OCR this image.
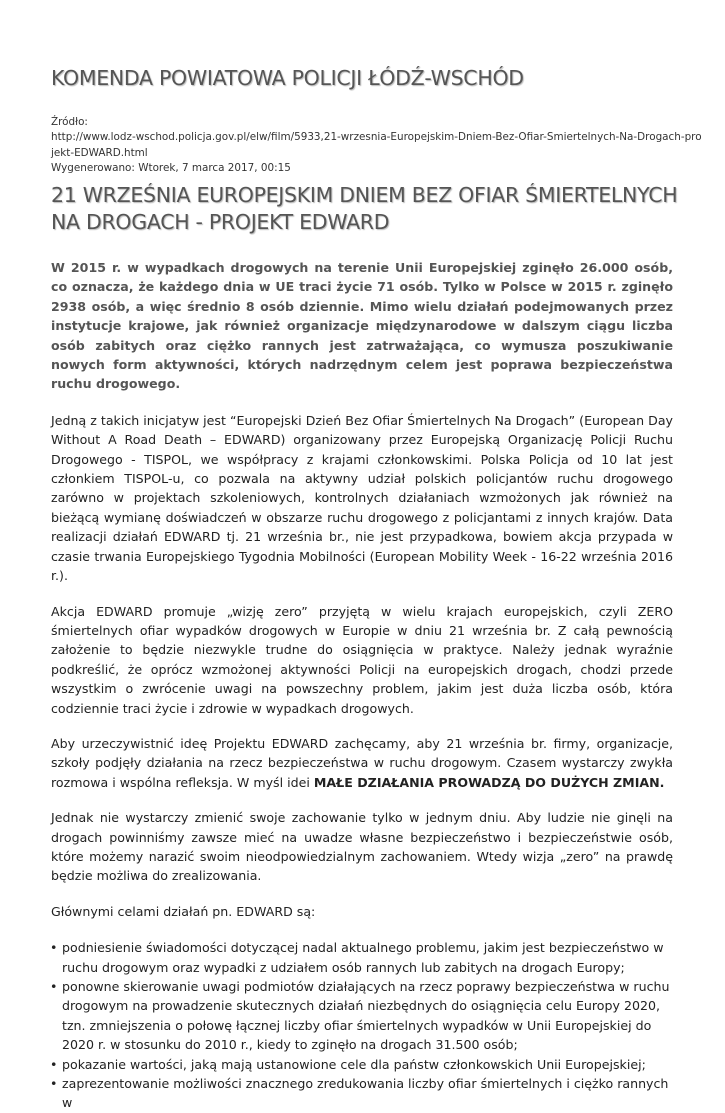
KOMENDA POWIATOWA POLICJI ŁÓDŹ-WSCHÓD
Źródło:
http://www.lodz-wschod.policja.gov.pl/elw/film/5933,21-wrzesnia-Europejskim-Dniem-Bez-Ofiar-Smiertelnych-Na-Drogach-pro
jekt-EDWARD.html
Wygenerowano: Wtorek, 7 marca 2017, 00:15
21 WRZEŚNIA EUROPEJSKIM DNIEM BEZ OFIAR ŚMIERTELNYCH NA DROGACH - PROJEKT EDWARD

W 2015 r. w wypadkach drogowych na terenie Unii Europejskiej zginęło 26.000 osób, co oznacza, że każdego dnia w UE traci życie 71 osób. Tylko w Polsce w 2015 r. zginęło 2938 osób, a więc średnio 8 osób dziennie. Mimo wielu działań podejmowanych przez instytucje krajowe, jak również organizacje międzynarodowe w dalszym ciągu liczba osób zabitych oraz ciężko rannych jest zatrważająca, co wymusza poszukiwanie nowych form aktywności, których nadrzędnym celem jest poprawa bezpieczeństwa ruchu drogowego.

Jedną z takich inicjatyw jest “Europejski Dzień Bez Ofiar Śmiertelnych Na Drogach” (European Day Without A Road Death – EDWARD) organizowany przez Europejską Organizację Policji Ruchu Drogowego - TISPOL, we współpracy z krajami członkowskimi. Polska Policja od 10 lat jest członkiem TISPOL-u, co pozwala na aktywny udział polskich policjantów ruchu drogowego zarówno w projektach szkoleniowych, kontrolnych działaniach wzmożonych jak również na bieżącą wymianę doświadczeń w obszarze ruchu drogowego z policjantami z innych krajów. Data realizacji działań EDWARD tj. 21 września br., nie jest przypadkowa, bowiem akcja przypada w czasie trwania Europejskiego Tygodnia Mobilności (European Mobility Week - 16-22 września 2016 r.).

Akcja EDWARD promuje „wizję zero” przyjętą w wielu krajach europejskich, czyli ZERO śmiertelnych ofiar wypadków drogowych w Europie w dniu 21 września br. Z całą pewnością założenie to będzie niezwykle trudne do osiągnięcia w praktyce. Należy jednak wyraźnie podkreślić, że oprócz wzmożonej aktywności Policji na europejskich drogach, chodzi przede wszystkim o zwrócenie uwagi na powszechny problem, jakim jest duża liczba osób, która codziennie traci życie i zdrowie w wypadkach drogowych.

Aby urzeczywistnić ideę Projektu EDWARD zachęcamy, aby 21 września br. firmy, organizacje, szkoły podjęły działania na rzecz bezpieczeństwa w ruchu drogowym. Czasem wystarczy zwykła rozmowa i wspólna refleksja. W myśl idei MAŁE DZIAŁANIA PROWADZĄ DO DUŻYCH ZMIAN.

Jednak nie wystarczy zmienić swoje zachowanie tylko w jednym dniu. Aby ludzie nie ginęli na drogach powinniśmy zawsze mieć na uwadze własne bezpieczeństwo i bezpieczeństwie osób, które możemy narazić swoim nieodpowiedzialnym zachowaniem. Wtedy wizja „zero” na prawdę będzie możliwa do zrealizowania.

Głównymi celami działań pn. EDWARD są:

• podniesienie świadomości dotyczącej nadal aktualnego problemu, jakim jest bezpieczeństwo w ruchu drogowym oraz wypadki z udziałem osób rannych lub zabitych na drogach Europy;
• ponowne skierowanie uwagi podmiotów działających na rzecz poprawy bezpieczeństwa w ruchu drogowym na prowadzenie skutecznych działań niezbędnych do osiągnięcia celu Europy 2020, tzn. zmniejszenia o połowę łącznej liczby ofiar śmiertelnych wypadków w Unii Europejskiej do 2020 r. w stosunku do 2010 r., kiedy to zginęło na drogach 31.500 osób;
• pokazanie wartości, jaką mają ustanowione cele dla państw członkowskich Unii Europejskiej;
• zaprezentowanie możliwości znacznego zredukowania liczby ofiar śmiertelnych i ciężko rannych w
